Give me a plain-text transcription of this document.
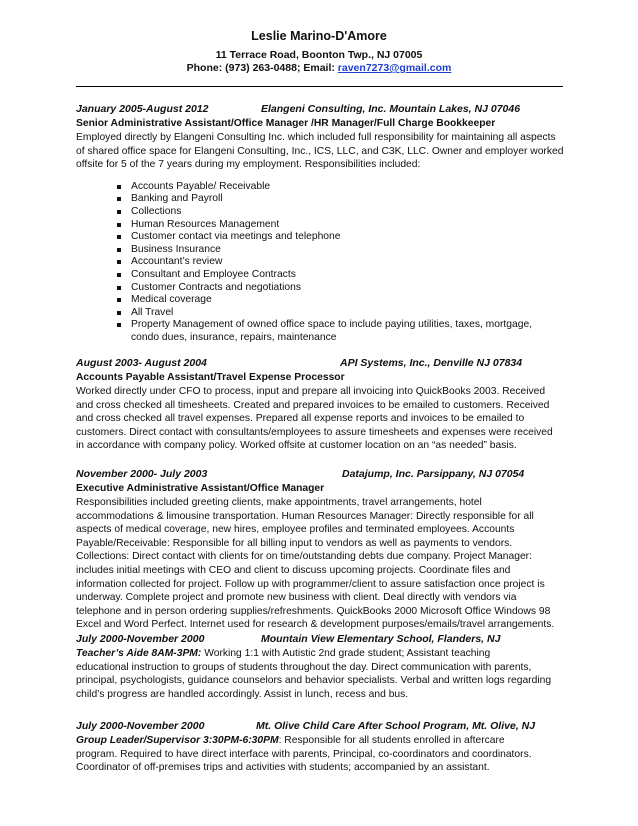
Leslie Marino-D'Amore
11 Terrace Road, Boonton Twp., NJ 07005
Phone: (973) 263-0488; Email: raven7273@gmail.com
January 2005-August 2012	Elangeni Consulting, Inc. Mountain Lakes, NJ 07046
Senior Administrative Assistant/Office Manager /HR Manager/Full Charge Bookkeeper
Employed directly by Elangeni Consulting Inc. which included full responsibility for maintaining all aspects
of shared office space for Elangeni Consulting, Inc., ICS, LLC, and C3K, LLC. Owner and employer worked
offsite for 5 of the 7 years during my employment. Responsibilities included:
Accounts Payable/ Receivable
Banking and Payroll
Collections
Human Resources Management
Customer contact via meetings and telephone
Business Insurance
Accountant’s review
Consultant and Employee Contracts
Customer Contracts and negotiations
Medical coverage
All Travel
Property Management of owned office space to include paying utilities, taxes, mortgage,
condo dues, insurance, repairs, maintenance
August 2003- August 2004	API Systems, Inc., Denville NJ 07834
Accounts Payable Assistant/Travel Expense Processor
Worked directly under CFO to process, input and prepare all invoicing into QuickBooks 2003. Received
and cross checked all timesheets. Created and prepared invoices to be emailed to customers. Received
and cross checked all travel expenses. Prepared all expense reports and invoices to be emailed to
customers. Direct contact with consultants/employees to assure timesheets and expenses were received
in accordance with company policy. Worked offsite at customer location on an “as needed” basis.
November 2000- July 2003	Datajump, Inc. Parsippany, NJ 07054
Executive Administrative Assistant/Office Manager
Responsibilities included greeting clients, make appointments, travel arrangements, hotel
accommodations & limousine transportation. Human Resources Manager: Directly responsible for all
aspects of medical coverage, new hires, employee profiles and terminated employees. Accounts
Payable/Receivable: Responsible for all billing input to vendors as well as payments to vendors.
Collections: Direct contact with clients for on time/outstanding debts due company. Project Manager:
includes initial meetings with CEO and client to discuss upcoming projects. Coordinate files and
information collected for project. Follow up with programmer/client to assure satisfaction once project is
underway. Complete project and promote new business with client. Deal directly with vendors via
telephone and in person ordering supplies/refreshments. QuickBooks 2000 Microsoft Office Windows 98
Excel and Word Perfect. Internet used for research & development purposes/emails/travel arrangements.
July 2000-November 2000	Mountain View Elementary School, Flanders, NJ
Teacher’s Aide 8AM-3PM: Working 1:1 with Autistic 2nd grade student; Assistant teaching
educational instruction to groups of students throughout the day. Direct communication with parents,
principal, psychologists, guidance counselors and behavior specialists. Verbal and written logs regarding
child’s progress are handled accordingly. Assist in lunch, recess and bus.
July 2000-November 2000	Mt. Olive Child Care After School Program, Mt. Olive, NJ
Group Leader/Supervisor 3:30PM-6:30PM: Responsible for all students enrolled in aftercare
program. Required to have direct interface with parents, Principal, co-coordinators and coordinators.
Coordinator of off-premises trips and activities with students; accompanied by an assistant.
